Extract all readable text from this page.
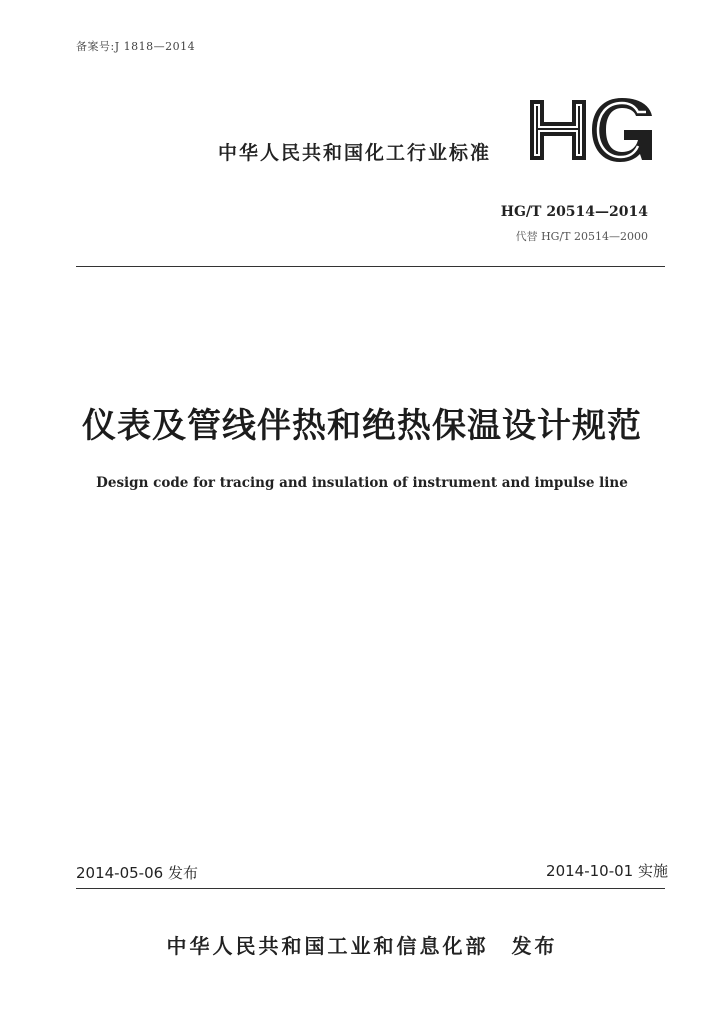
备案号:J 1818—2014
中华人民共和国化工行业标准
HG/T 20514—2014
代替 HG/T 20514—2000
仪表及管线伴热和绝热保温设计规范
Design code for tracing and insulation of instrument and impulse line
2014-05-06 发布	2014-10-01 实施
中华人民共和国工业和信息化部　发布
